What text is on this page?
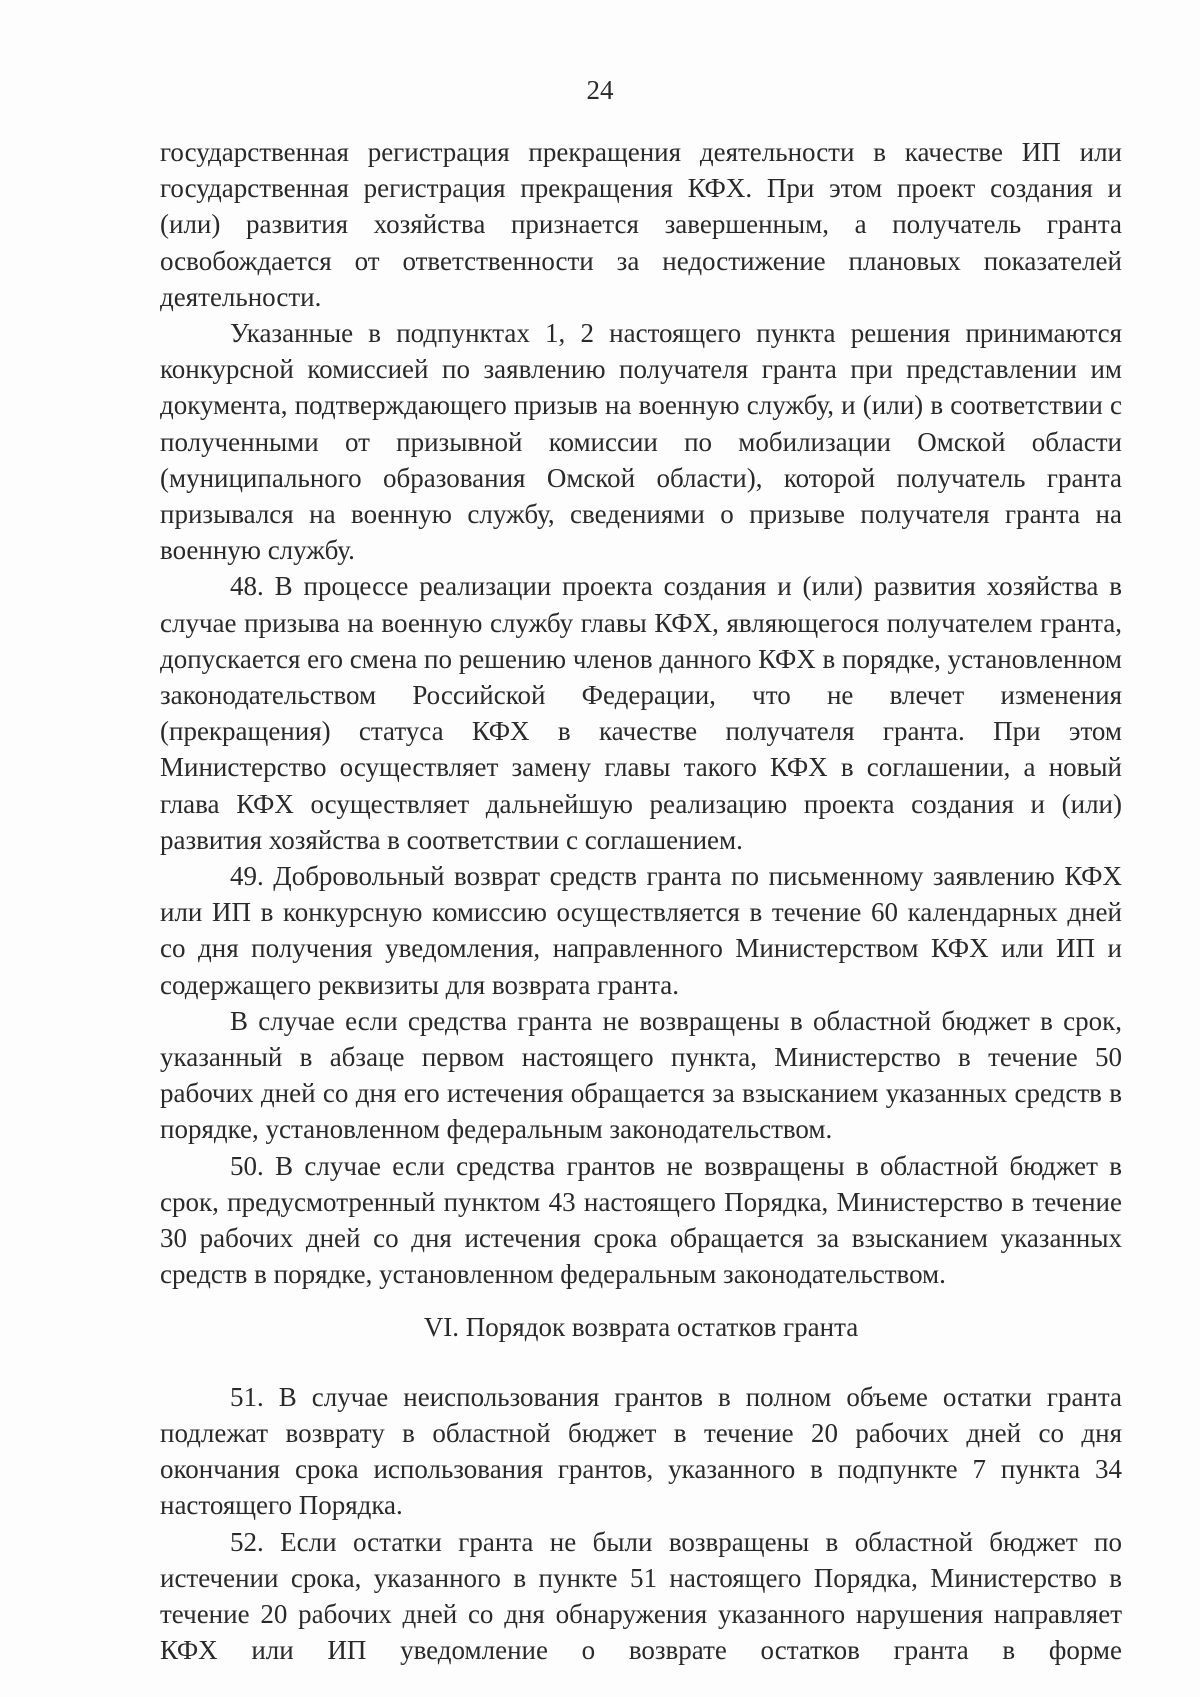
24

государственная регистрация прекращения деятельности в качестве ИП или государственная регистрация прекращения КФХ. При этом проект создания и (или) развития хозяйства признается завершенным, а получатель гранта освобождается от ответственности за недостижение плановых показателей деятельности.

Указанные в подпунктах 1, 2 настоящего пункта решения принимаются конкурсной комиссией по заявлению получателя гранта при представлении им документа, подтверждающего призыв на военную службу, и (или) в соответствии с полученными от призывной комиссии по мобилизации Омской области (муниципального образования Омской области), которой получатель гранта призывался на военную службу, сведениями о призыве получателя гранта на военную службу.

48. В процессе реализации проекта создания и (или) развития хозяйства в случае призыва на военную службу главы КФХ, являющегося получателем гранта, допускается его смена по решению членов данного КФХ в порядке, установленном законодательством Российской Федерации, что не влечет изменения (прекращения) статуса КФХ в качестве получателя гранта. При этом Министерство осуществляет замену главы такого КФХ в соглашении, а новый глава КФХ осуществляет дальнейшую реализацию проекта создания и (или) развития хозяйства в соответствии с соглашением.

49. Добровольный возврат средств гранта по письменному заявлению КФХ или ИП в конкурсную комиссию осуществляется в течение 60 календарных дней со дня получения уведомления, направленного Министерством КФХ или ИП и содержащего реквизиты для возврата гранта.

В случае если средства гранта не возвращены в областной бюджет в срок, указанный в абзаце первом настоящего пункта, Министерство в течение 50 рабочих дней со дня его истечения обращается за взысканием указанных средств в порядке, установленном федеральным законодательством.

50. В случае если средства грантов не возвращены в областной бюджет в срок, предусмотренный пунктом 43 настоящего Порядка, Министерство в течение 30 рабочих дней со дня истечения срока обращается за взысканием указанных средств в порядке, установленном федеральным законодательством.

VI. Порядок возврата остатков гранта

51. В случае неиспользования грантов в полном объеме остатки гранта подлежат возврату в областной бюджет в течение 20 рабочих дней со дня окончания срока использования грантов, указанного в подпункте 7 пункта 34 настоящего Порядка.

52. Если остатки гранта не были возвращены в областной бюджет по истечении срока, указанного в пункте 51 настоящего Порядка, Министерство в течение 20 рабочих дней со дня обнаружения указанного нарушения направляет КФХ или ИП уведомление о возврате остатков гранта в форме
